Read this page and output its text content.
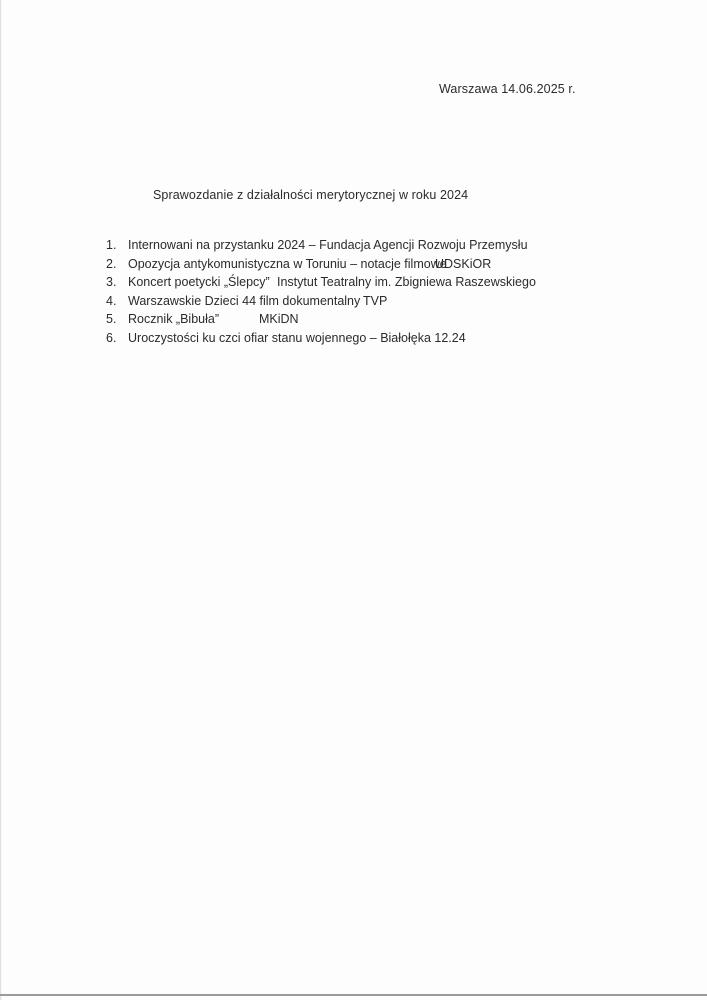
Warszawa 14.06.2025 r.
Sprawozdanie z działalności merytorycznej w roku 2024
1. Internowani na przystanku 2024 – Fundacja Agencji Rozwoju Przemysłu
2. Opozycja antykomunistyczna w Toruniu – notacje filmowe
UDSKiOR
3. Koncert poetycki „Ślepcy” Instytut Teatralny im. Zbigniewa Raszewskiego
4. Warszawskie Dzieci 44 film dokumentalny TVP
5. Rocznik „Bibuła”	MKiDN
6. Uroczystości ku czci ofiar stanu wojennego – Białołęka 12.24
